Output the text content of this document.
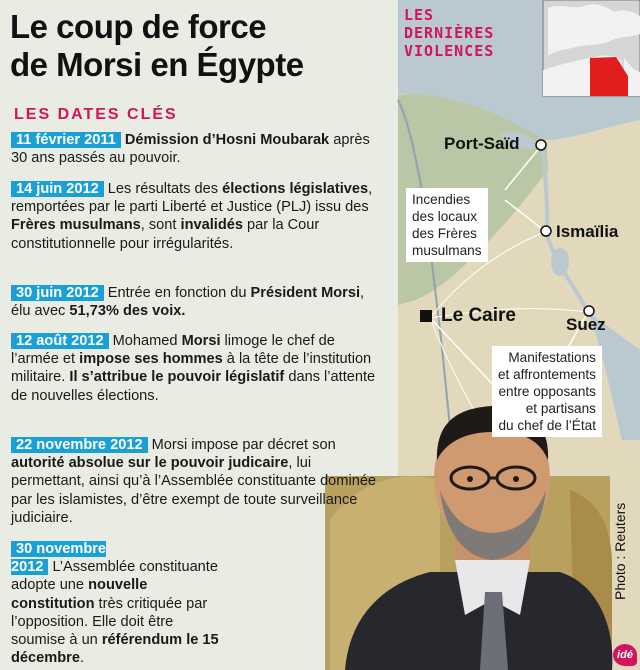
Le coup de force
de Morsi en Égypte
LES DATES CLÉS
11 février 2011 Démission d’Hosni Moubarak après 30 ans passés au pouvoir.
14 juin 2012 Les résultats des élections législatives, remportées par le parti Liberté et Justice (PLJ) issu des Frères musulmans, sont invalidés par la Cour constitutionnelle pour irrégularités.
30 juin 2012 Entrée en fonction du Président Morsi, élu avec 51,73% des voix.
12 août 2012 Mohamed Morsi limoge le chef de l’armée et impose ses hommes à la tête de l’institution militaire. Il s’attribue le pouvoir législatif dans l’attente de nouvelles élections.
22 novembre 2012 Morsi impose par décret son autorité absolue sur le pouvoir judicaire, lui permettant, ainsi qu’à l’Assemblée constituante dominée par les islamistes, d’être exempt de toute surveillance judiciaire.
30 novembre 2012 L’Assemblée constituante adopte une nouvelle constitution très critiquée par l’opposition. Elle doit être soumise à un référendum le 15 décembre.
LES
DERNIÈRES
VIOLENCES
Port-Saïd
Ismaïlia
Le Caire	Suez
Incendies
des locaux
des Frères
musulmans
Manifestations
et affrontements
entre opposants
et partisans
du chef de l’État
Photo : Reuters
idé
